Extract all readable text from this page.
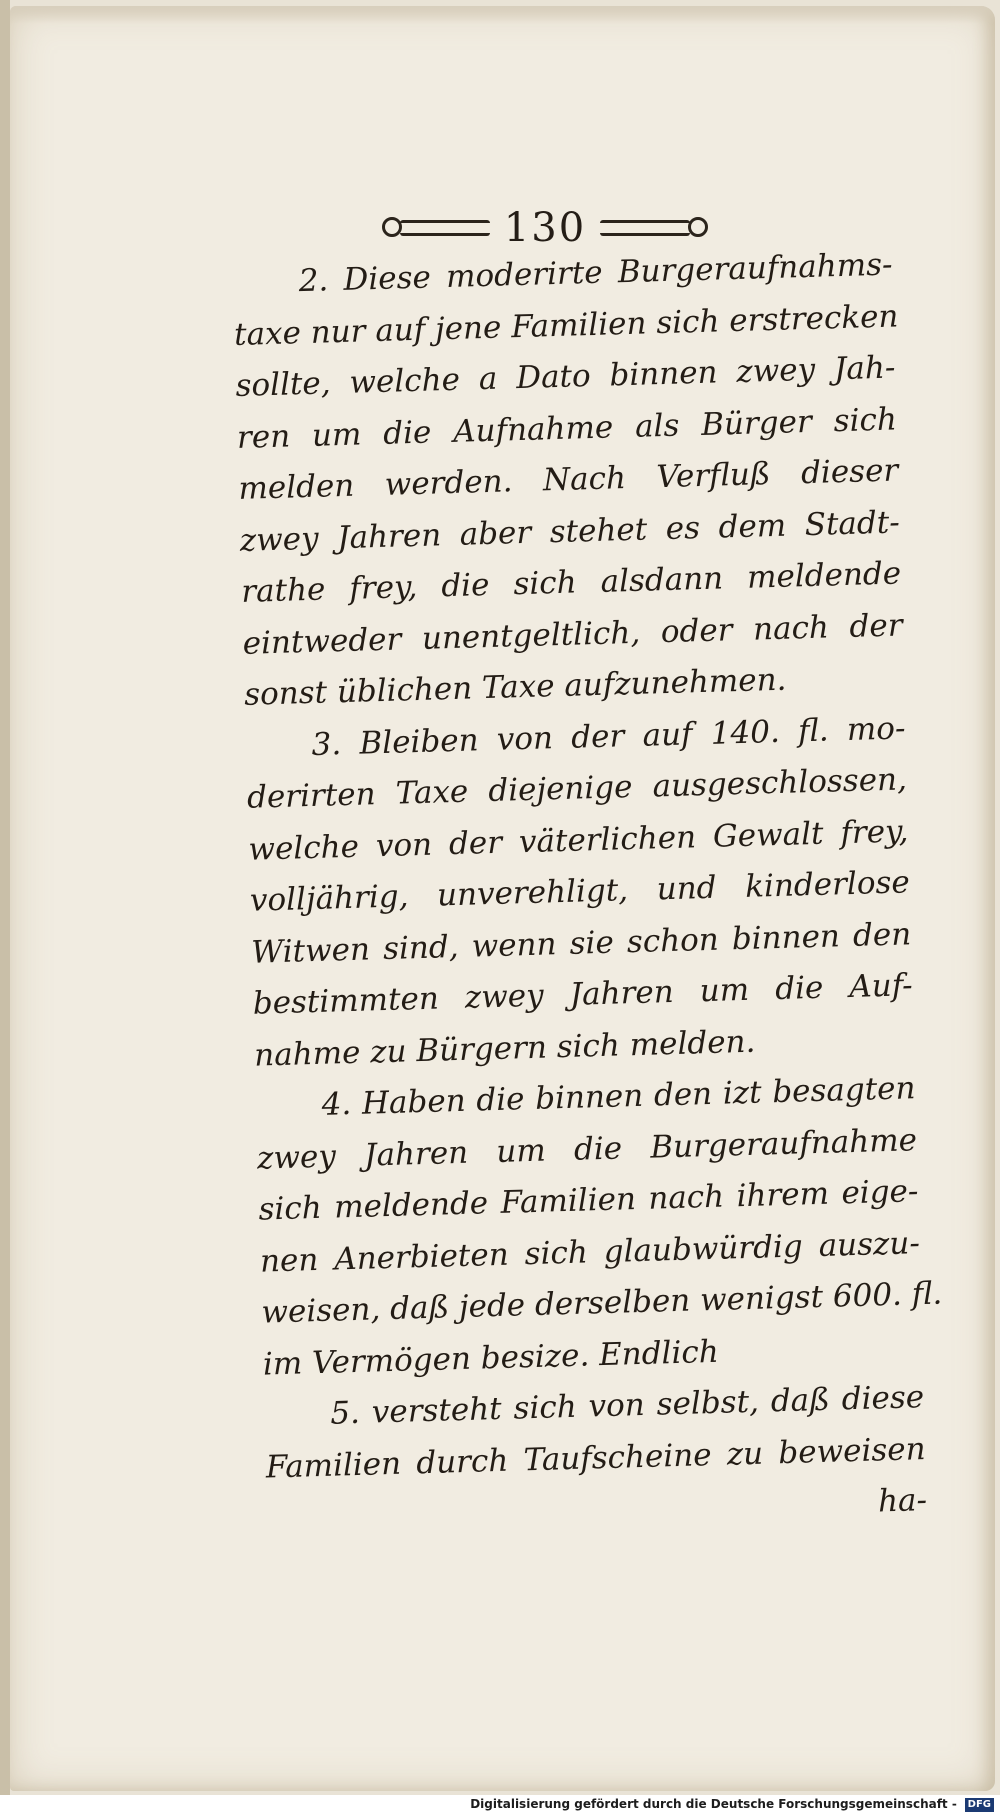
130
2. Diese moderirte Burgeraufnahms-
taxe nur auf jene Familien sich erstrecken
sollte, welche a Dato binnen zwey Jah-
ren um die Aufnahme als Bürger sich
melden werden. Nach Verfluß dieser
zwey Jahren aber stehet es dem Stadt-
rathe frey, die sich alsdann meldende
eintweder unentgeltlich, oder nach der
sonst üblichen Taxe aufzunehmen.
3. Bleiben von der auf 140. fl. mo-
derirten Taxe diejenige ausgeschlossen,
welche von der väterlichen Gewalt frey,
volljährig, unverehligt, und kinderlose
Witwen sind, wenn sie schon binnen den
bestimmten zwey Jahren um die Auf-
nahme zu Bürgern sich melden.
4. Haben die binnen den izt besagten
zwey Jahren um die Burgeraufnahme
sich meldende Familien nach ihrem eige-
nen Anerbieten sich glaubwürdig auszu-
weisen, daß jede derselben wenigst 600. fl.
im Vermögen besize. Endlich
5. versteht sich von selbst, daß diese
Familien durch Taufscheine zu beweisen
ha-
Digitalisierung gefördert durch die Deutsche Forschungsgemeinschaft - DFG
